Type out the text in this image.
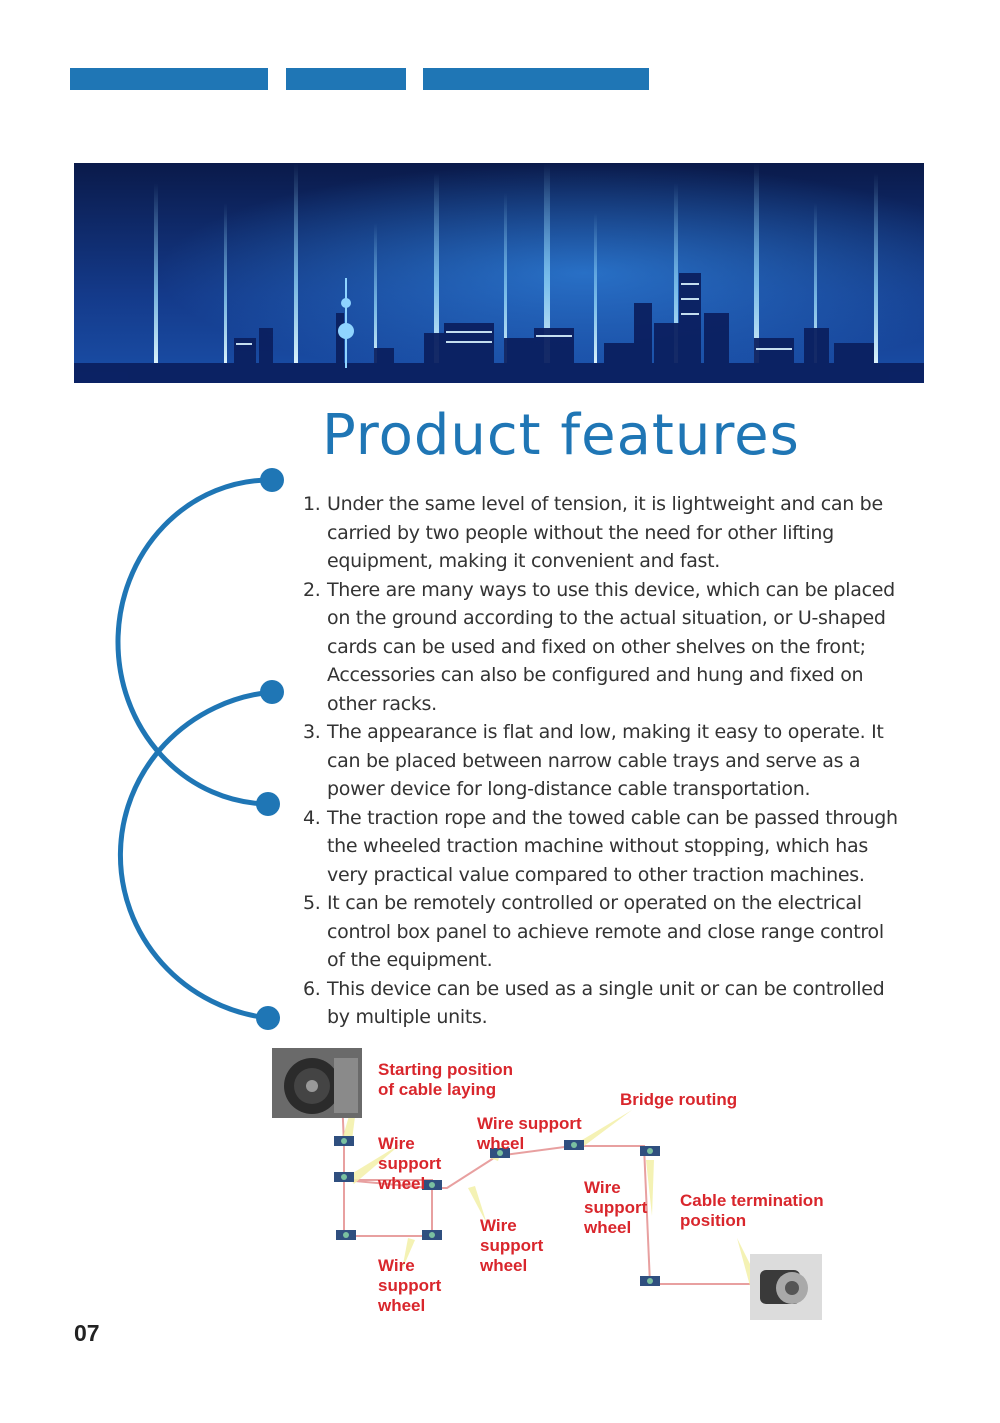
Product features
1. Under the same level of tension, it is lightweight and can be carried by two people without the need for other lifting equipment, making it convenient and fast.
2. There are many ways to use this device, which can be placed on the ground according to the actual situation, or U-shaped cards can be used and fixed on other shelves on the front; Accessories can also be configured and hung and fixed on other racks.
3. The appearance is flat and low, making it easy to operate. It can be placed between narrow cable trays and serve as a power device for long-distance cable transportation.
4. The traction rope and the towed cable can be passed through the wheeled traction machine without stopping, which has very practical value compared to other traction machines.
5. It can be remotely controlled or operated on the electrical control box panel to achieve remote and close range control of the equipment.
6. This device can be used as a single unit or can be controlled by multiple units.
Starting position
of cable laying
Wire
support
wheel
Wire support
wheel
Bridge routing
Wire
support
wheel
Cable termination
position
Wire
support
wheel
Wire
support
wheel
07
